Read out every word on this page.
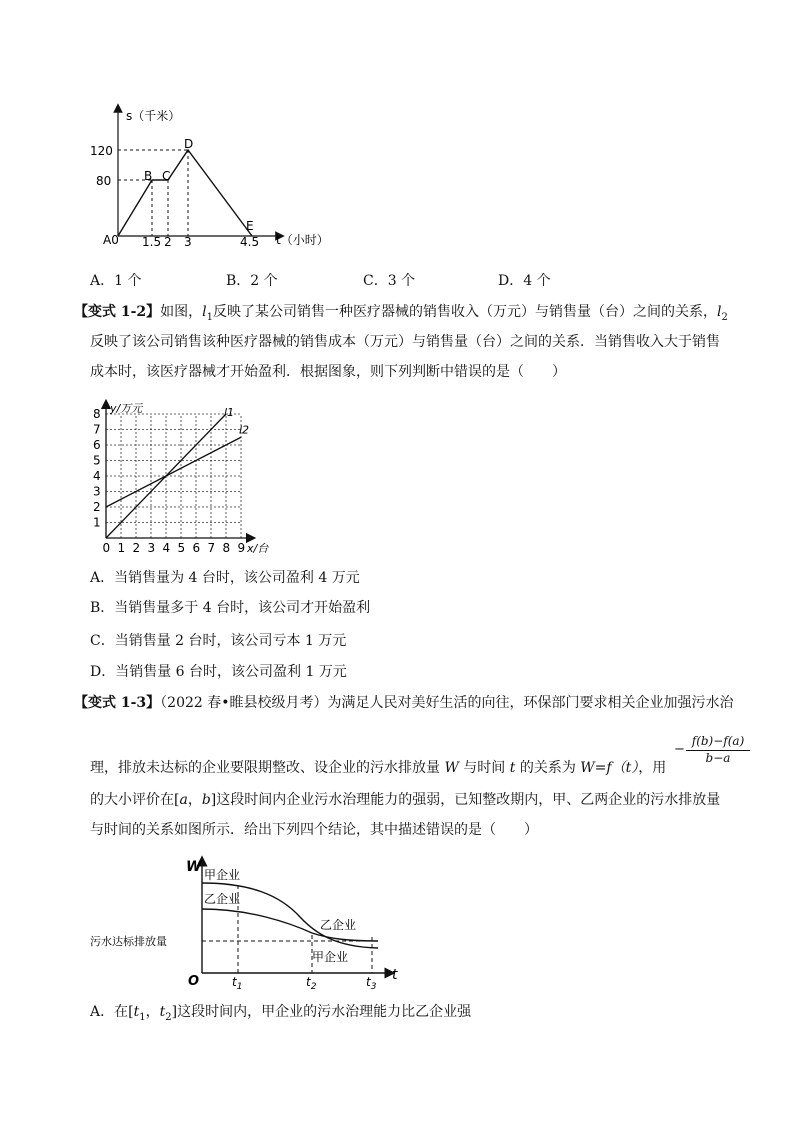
s（千米）
120
80
A0 1.5 2 3	4.5 t（小时）
B C
D
E
A．1 个	B．2 个	C．3 个	D．4 个
【变式 1-2】如图，$l_1$反映了某公司销售一种医疗器械的销售收入（万元）与销售量（台）之间的关系，$l_2$
反映了该公司销售该种医疗器械的销售成本（万元）与销售量（台）之间的关系．当销售收入大于销售
成本时，该医疗器械才开始盈利．根据图象，则下列判断中错误的是（　　）
0 1 2 3 4 5 6 7 8 9
1
2
3
4
5
6
7
8
x/台
y/万元	l1
l2
A．当销售量为 4 台时，该公司盈利 4 万元
B．当销售量多于 4 台时，该公司才开始盈利
C．当销售量 2 台时，该公司亏本 1 万元
D．当销售量 6 台时，该公司盈利 1 万元
【变式 1-3】（2022 春•睢县校级月考）为满足人民对美好生活的向往，环保部门要求相关企业加强污水治
−
f(b)−f(a)
b−a
理，排放未达标的企业要限期整改、设企业的污水排放量 W 与时间 t 的关系为 W=f（t），用
的大小评价在[a，b]这段时间内企业污水治理能力的强弱，已知整改期内，甲、乙两企业的污水排放量
与时间的关系如图所示．给出下列四个结论，其中描述错误的是（　　）
W
t
O
甲企业
乙企业
乙企业
甲企业
污水达标排放量
$t_1$	$t_2$	$t_3$
A．在[$t_1$，$t_2$]这段时间内，甲企业的污水治理能力比乙企业强
